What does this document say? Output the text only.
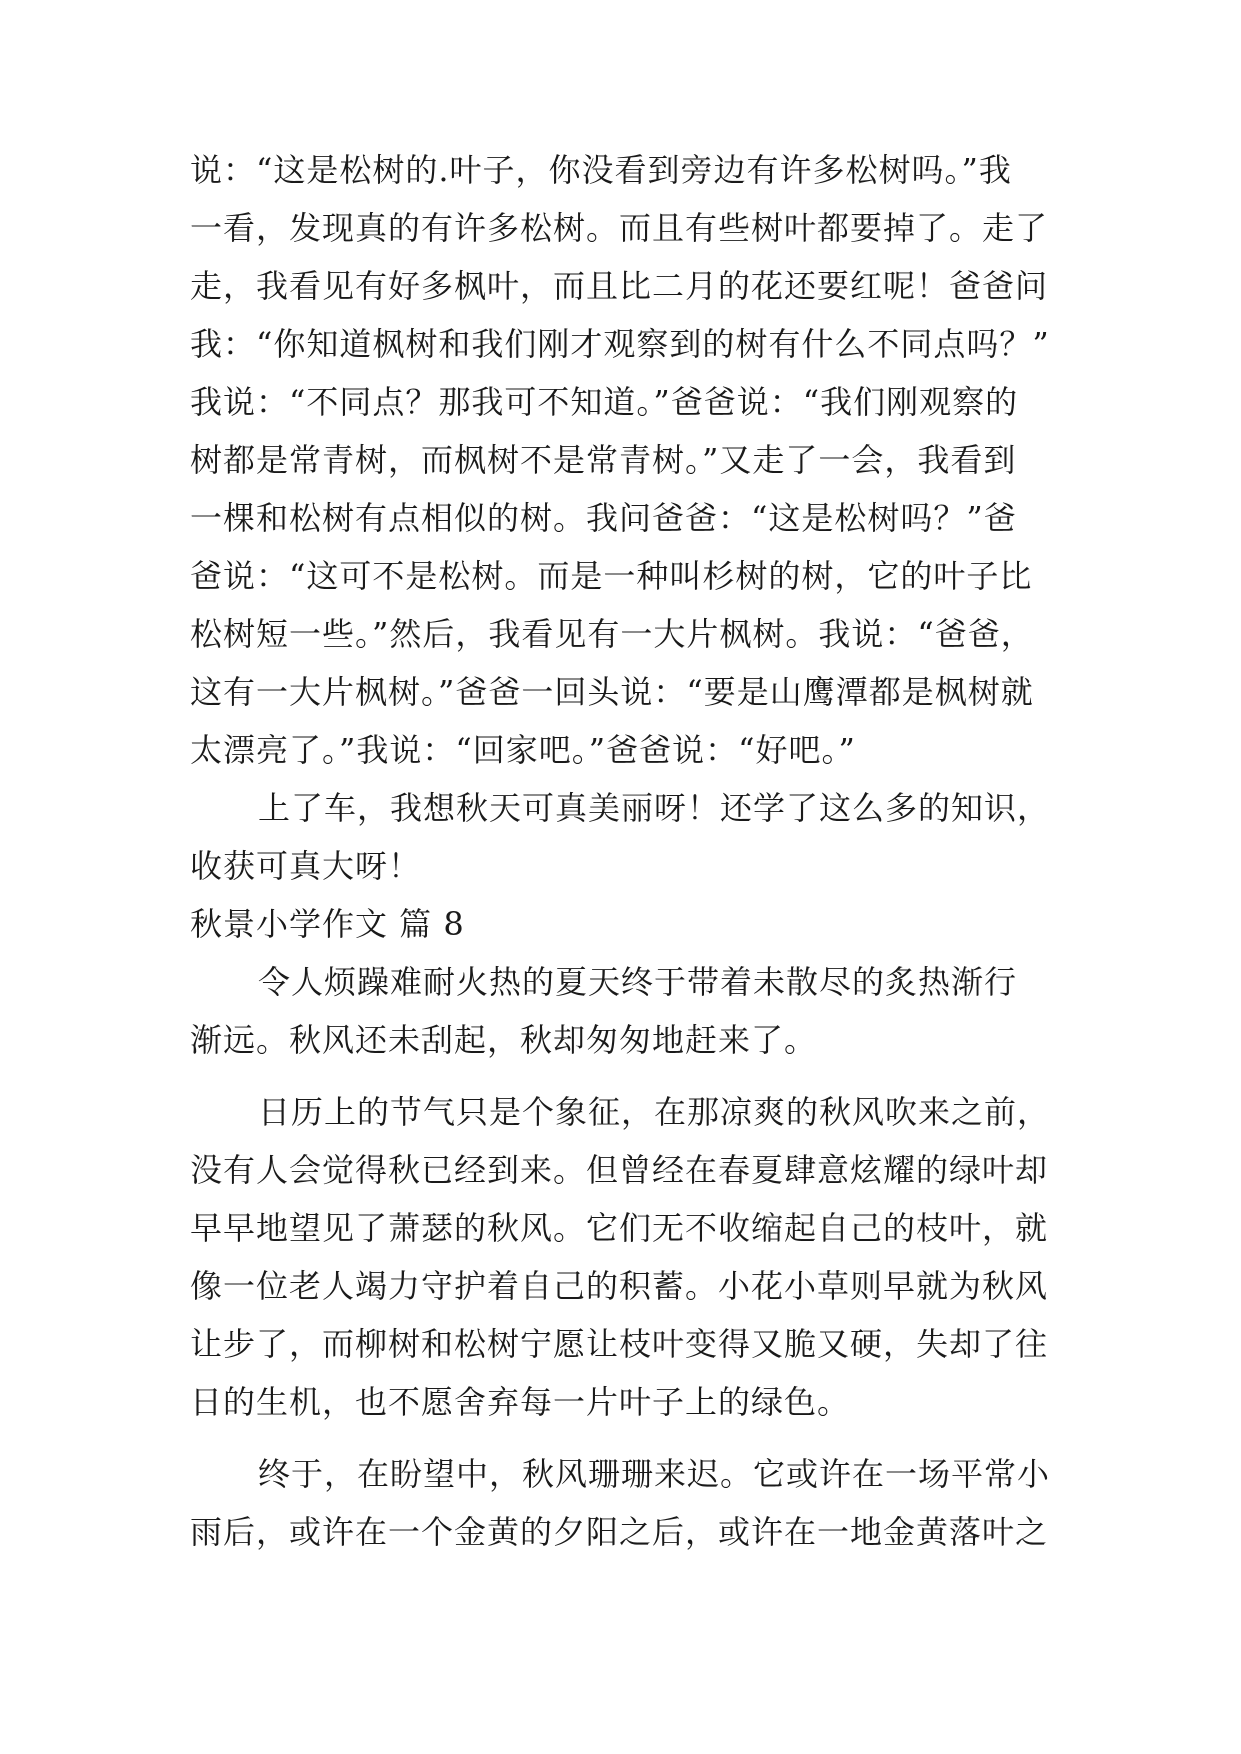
说：“这是松树的.叶子，你没看到旁边有许多松树吗。”我
一看，发现真的有许多松树。而且有些树叶都要掉了。走了
走，我看见有好多枫叶，而且比二月的花还要红呢！爸爸问
我：“你知道枫树和我们刚才观察到的树有什么不同点吗？”
我说：“不同点？那我可不知道。”爸爸说：“我们刚观察的
树都是常青树，而枫树不是常青树。”又走了一会，我看到
一棵和松树有点相似的树。我问爸爸：“这是松树吗？”爸
爸说：“这可不是松树。而是一种叫杉树的树，它的叶子比
松树短一些。”然后，我看见有一大片枫树。我说：“爸爸，
这有一大片枫树。”爸爸一回头说：“要是山鹰潭都是枫树就
太漂亮了。”我说：“回家吧。”爸爸说：“好吧。”
上了车，我想秋天可真美丽呀！还学了这么多的知识，
收获可真大呀！
秋景小学作文 篇 8
令人烦躁难耐火热的夏天终于带着未散尽的炙热渐行
渐远。秋风还未刮起，秋却匆匆地赶来了。
日历上的节气只是个象征，在那凉爽的秋风吹来之前，
没有人会觉得秋已经到来。但曾经在春夏肆意炫耀的绿叶却
早早地望见了萧瑟的秋风。它们无不收缩起自己的枝叶，就
像一位老人竭力守护着自己的积蓄。小花小草则早就为秋风
让步了，而柳树和松树宁愿让枝叶变得又脆又硬，失却了往
日的生机，也不愿舍弃每一片叶子上的绿色。
终于，在盼望中，秋风珊珊来迟。它或许在一场平常小
雨后，或许在一个金黄的夕阳之后，或许在一地金黄落叶之
